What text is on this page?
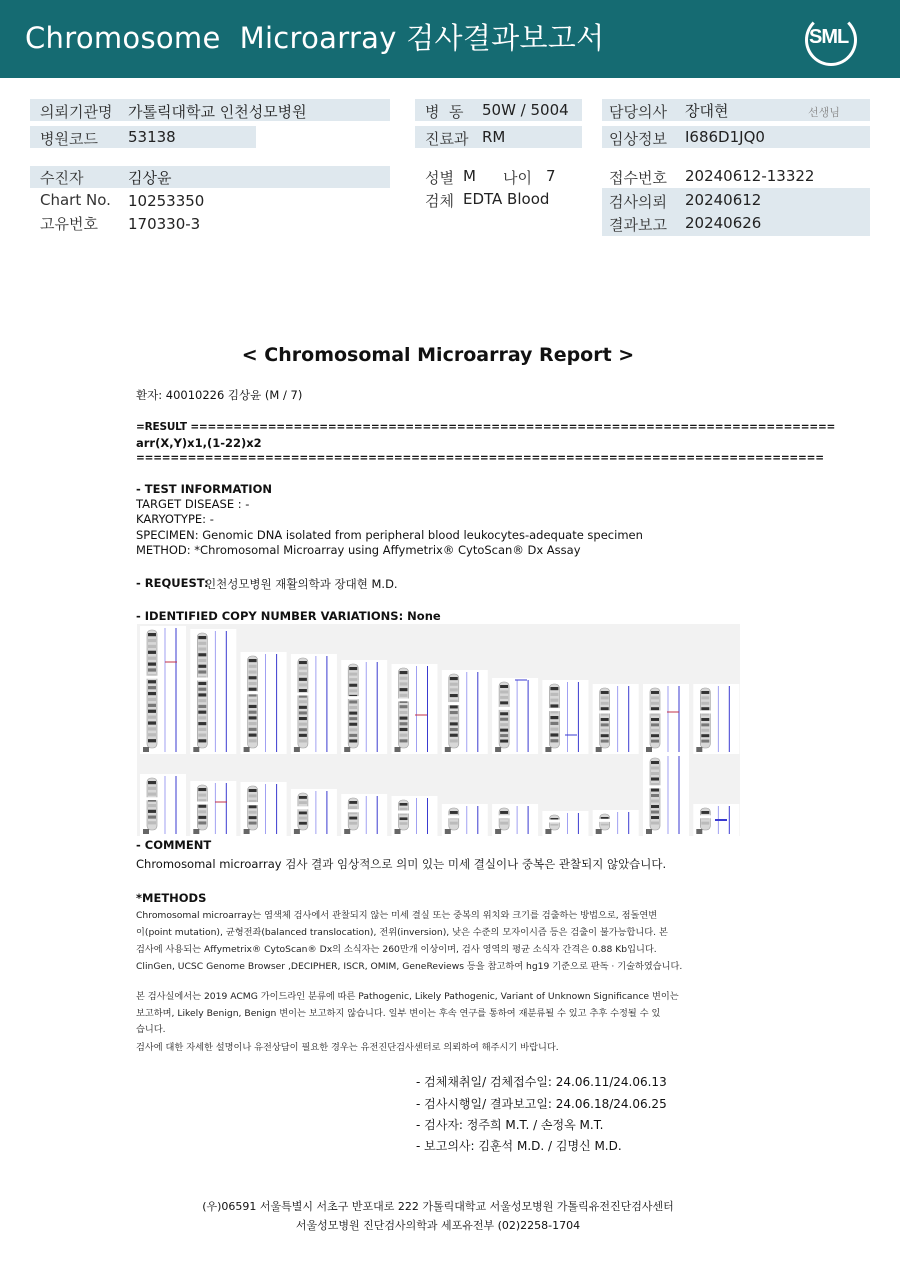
Chromosome  Microarray 검사결과보고서	SML
의뢰기관명 가톨릭대학교 인천성모병원
병원코드 53138
병  동 50W / 5004
진료과 RM
담당의사 장대현	선생님
임상정보 I686D1JQ0
수진자	김상윤
Chart No. 10253350
고유번호 170330-3
성별 M 나이 7
검체 EDTA Blood
접수번호 20240612-13322
검사의뢰 20240612
결과보고 20240626
< Chromosomal Microarray Report >
환자: 40010226 김상윤 (M / 7)
=RESULT ===========================================================================
arr(X,Y)x1,(1-22)x2
================================================================================
- TEST INFORMATION
TARGET DISEASE : -
KARYOTYPE: -
SPECIMEN: Genomic DNA isolated from peripheral blood leukocytes-adequate specimen
METHOD: *Chromosomal Microarray using Affymetrix® CytoScan® Dx Assay
- REQUEST:
인천성모병원 재활의학과 장대현 M.D.
- IDENTIFIED COPY NUMBER VARIATIONS: None
- COMMENT
Chromosomal microarray 검사 결과 임상적으로 의미 있는 미세 결실이나 중복은 관찰되지 않았습니다.
*METHODS
Chromosomal microarray는 염색체 검사에서 관찰되지 않는 미세 결실 또는 중복의 위치와 크기를 검출하는 방법으로, 점돌연변
이(point mutation), 균형전좌(balanced translocation), 전위(inversion), 낮은 수준의 모자이시즘 등은 검출이 불가능합니다. 본
검사에 사용되는 Affymetrix® CytoScan® Dx의 소식자는 260만개 이상이며, 검사 영역의 평균 소식자 간격은 0.88 Kb입니다.
ClinGen, UCSC Genome Browser ,DECIPHER, ISCR, OMIM, GeneReviews 등을 참고하여 hg19 기준으로 판독 · 기술하였습니다.
본 검사실에서는 2019 ACMG 가이드라인 분류에 따른 Pathogenic, Likely Pathogenic, Variant of Unknown Significance 변이는
보고하며, Likely Benign, Benign 변이는 보고하지 않습니다. 일부 변이는 후속 연구를 통하여 재분류될 수 있고 추후 수정될 수 있
습니다.
검사에 대한 자세한 설명이나 유전상담이 필요한 경우는 유전진단검사센터로 의뢰하여 해주시기 바랍니다.
- 검체채취일/ 검체접수일: 24.06.11/24.06.13
- 검사시행일/ 결과보고일: 24.06.18/24.06.25
- 검사자: 정주희 M.T. / 손정옥 M.T.
- 보고의사: 김훈석 M.D. / 김명신 M.D.
(우)06591 서울특별시 서초구 반포대로 222 가톨릭대학교 서울성모병원 가톨릭유전진단검사센터
서울성모병원 진단검사의학과 세포유전부 (02)2258-1704
